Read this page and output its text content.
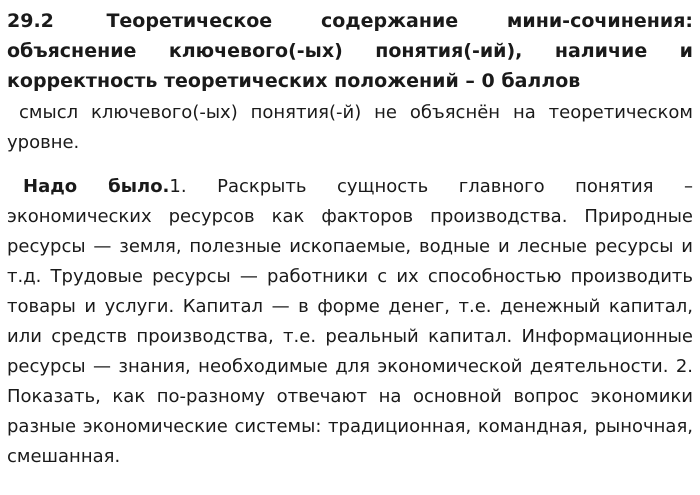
29.2	Теоретическое содержание мини-сочинения: объяснение ключевого(-ых) понятия(-ий), наличие и корректность теоретических положений – 0 баллов

смысл ключевого(-ых) понятия(-й) не объяснён на теоретическом уровне.

Надо было.1. Раскрыть сущность главного понятия – экономических ресурсов как факторов производства. Природные ресурсы — земля, полезные ископаемые, водные и лесные ресурсы и т.д. Трудовые ресурсы — работники с их способностью производить товары и услуги. Капитал — в форме денег, т.е. денежный капитал, или средств производства, т.е. реальный капитал. Информационные ресурсы — знания, необходимые для экономической деятельности. 2. Показать, как по-разному отвечают на основной вопрос экономики разные экономические системы: традиционная, командная, рыночная, смешанная.
